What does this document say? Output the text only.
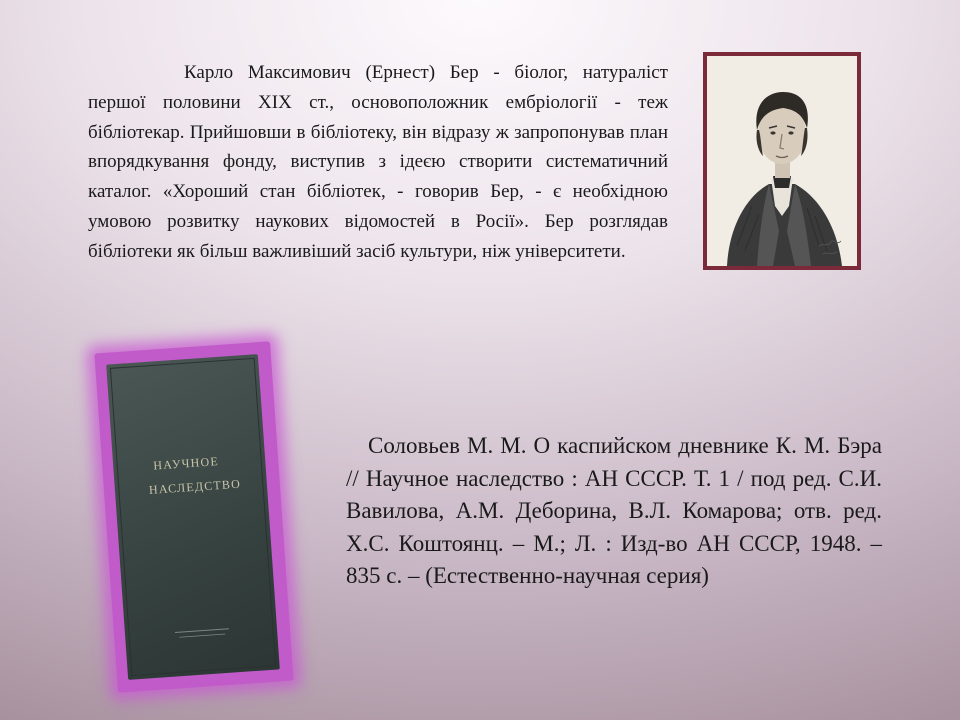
Карло Максимович (Ернест) Бер - біолог, натураліст першої половини XIX ст., основоположник ембріології - теж бібліотекар. Прийшовши в бібліотеку, він відразу ж запропонував план впорядкування фонду, виступив з ідеєю створити систематичний каталог. «Хороший стан бібліотек, - говорив Бер, - є необхідною умовою розвитку наукових відомостей в Росії». Бер розглядав бібліотеки як більш важливіший засіб культури, ніж університети.

НАУЧНОЕ
НАСЛЕДСТВО

Соловьев М. М. О каспийском дневнике К. М. Бэра // Научное наследство : АН СССР. Т. 1 / под ред. С.И. Вавилова, А.М. Деборина, В.Л. Комарова; отв. ред. Х.С. Коштоянц. – М.; Л. : Изд-во АН СССР, 1948. – 835 с. – (Естественно-научная серия)
